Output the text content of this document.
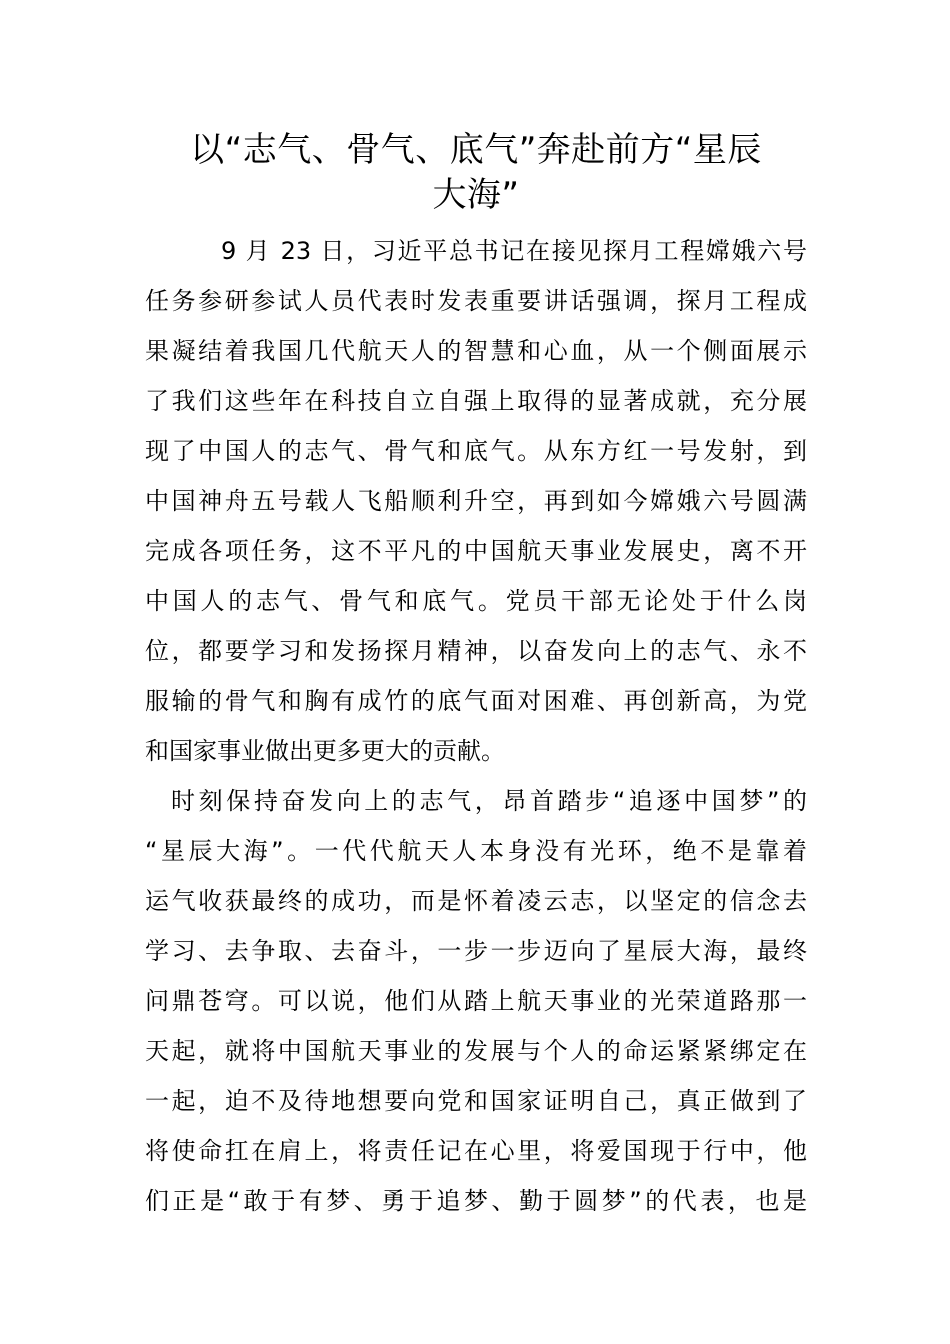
以“志气、骨气、底气”奔赴前方“星辰
大海”

9 月 23 日，习近平总书记在接见探月工程嫦娥六号

任务参研参试人员代表时发表重要讲话强调，探月工程成

果凝结着我国几代航天人的智慧和心血，从一个侧面展示

了我们这些年在科技自立自强上取得的显著成就，充分展

现了中国人的志气、骨气和底气。从东方红一号发射，到

中国神舟五号载人飞船顺利升空，再到如今嫦娥六号圆满

完成各项任务，这不平凡的中国航天事业发展史，离不开

中国人的志气、骨气和底气。党员干部无论处于什么岗

位，都要学习和发扬探月精神，以奋发向上的志气、永不

服输的骨气和胸有成竹的底气面对困难、再创新高，为党

和国家事业做出更多更大的贡献。

时刻保持奋发向上的志气，昂首踏步“追逐中国梦”的

“星辰大海”。一代代航天人本身没有光环，绝不是靠着

运气收获最终的成功，而是怀着凌云志，以坚定的信念去

学习、去争取、去奋斗，一步一步迈向了星辰大海，最终

问鼎苍穹。可以说，他们从踏上航天事业的光荣道路那一

天起，就将中国航天事业的发展与个人的命运紧紧绑定在

一起，迫不及待地想要向党和国家证明自己，真正做到了

将使命扛在肩上，将责任记在心里，将爱国现于行中，他

们正是“敢于有梦、勇于追梦、勤于圆梦”的代表，也是
